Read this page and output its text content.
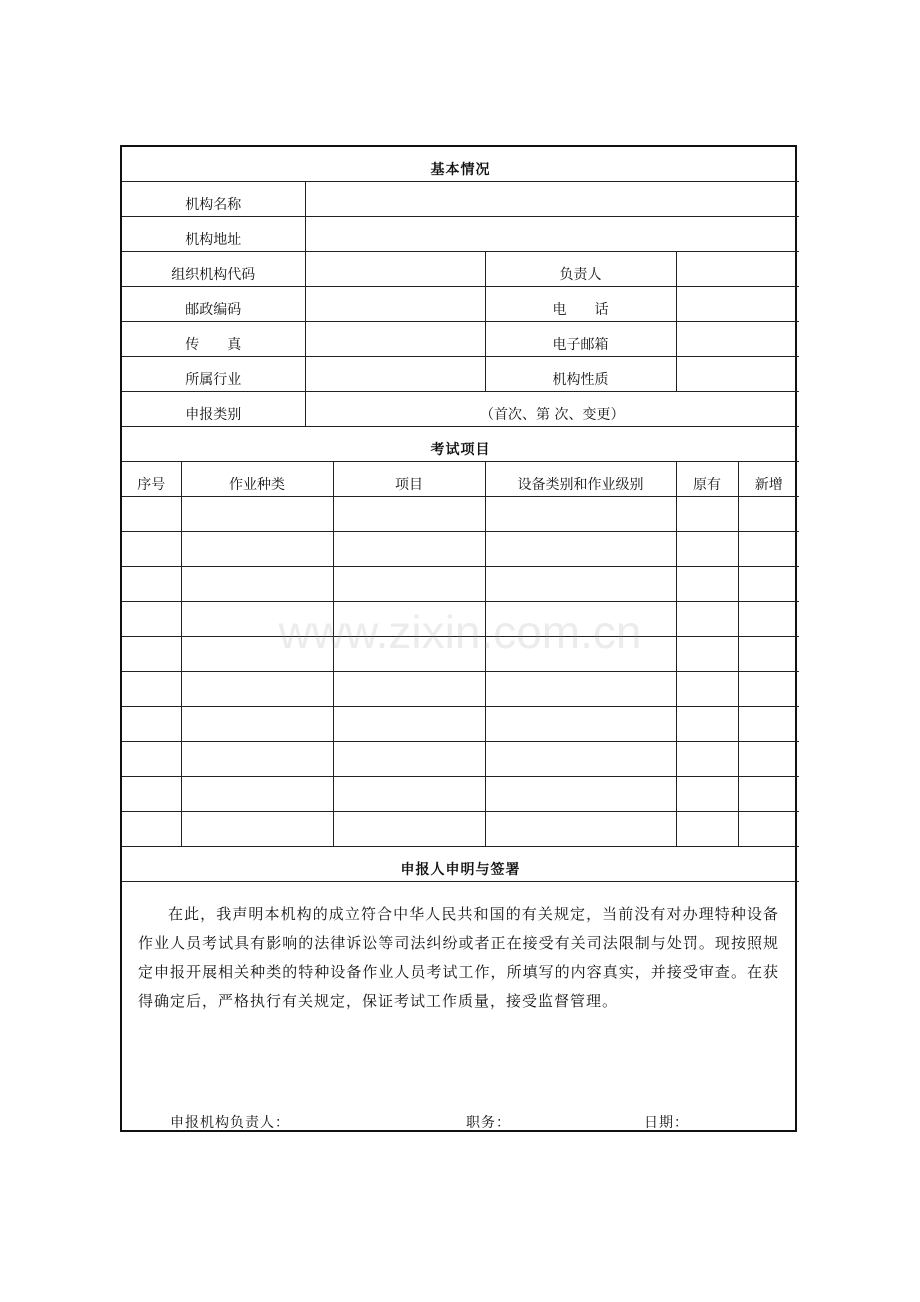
基本情况			
机构名称			
机构地址			
组织机构代码		负责人	
邮政编码		电　　话	
传　　真		电子邮箱	
所属行业		机构性质	
申报类别	（首次、第 次、变更）		
考试项目					
序号	作业种类	项目	设备类别和作业级别	原有	新增

申报人申明与签署					

在此，我声明本机构的成立符合中华人民共和国的有关规定，当前没有对办理特种设备作业人员考试具有影响的法律诉讼等司法纠纷或者正在接受有关司法限制与处罚。现按照规定申报开展相关种类的特种设备作业人员考试工作，所填写的内容真实，并接受审查。在获得确定后，严格执行有关规定，保证考试工作质量，接受监督管理。

申报机构负责人：	职务：	日期：
www.zixin.com.cn
